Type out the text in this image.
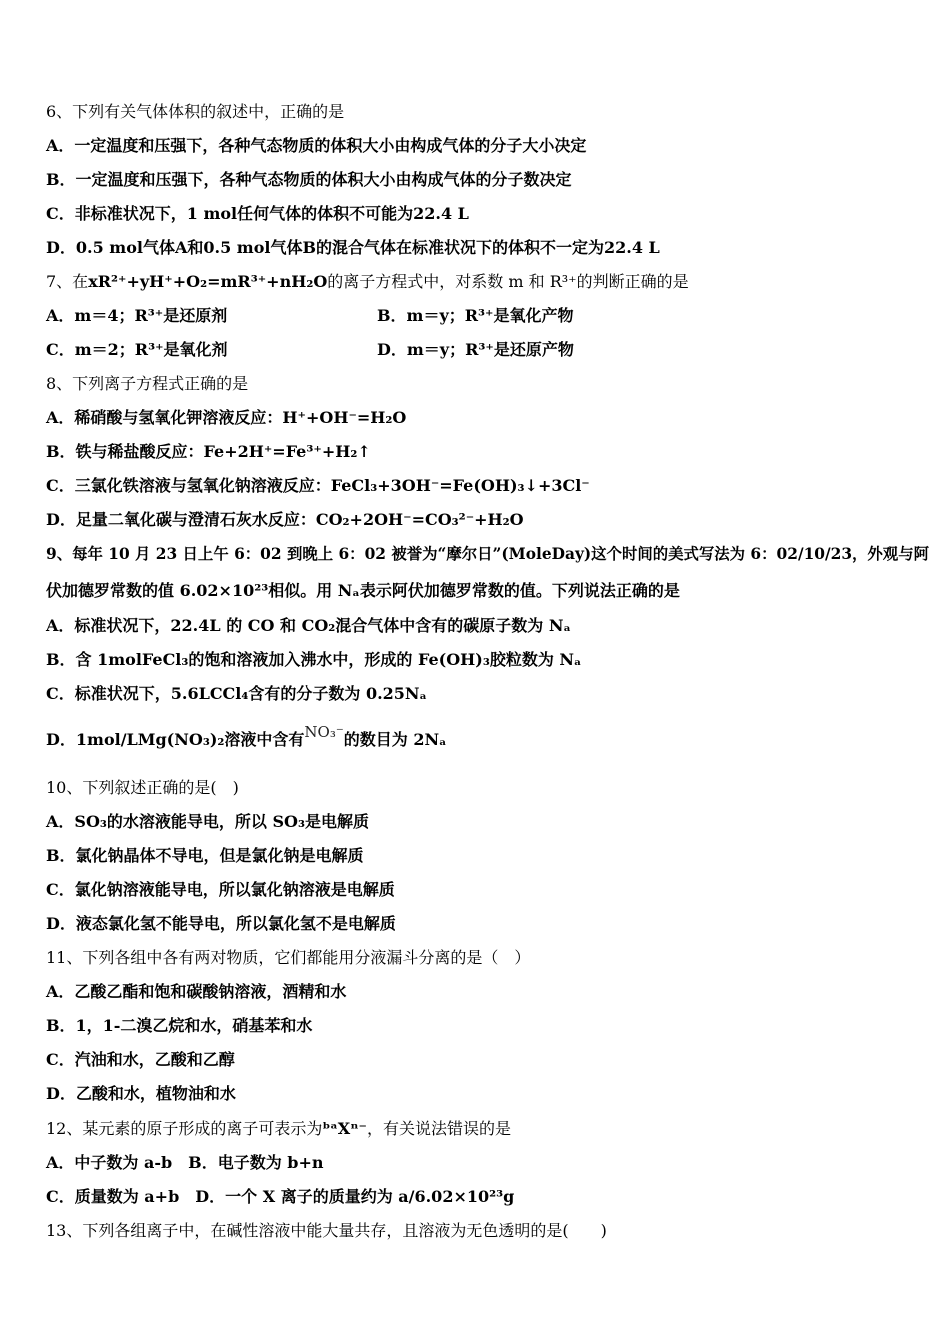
6、下列有关气体体积的叙述中，正确的是
A．一定温度和压强下，各种气态物质的体积大小由构成气体的分子大小决定
B．一定温度和压强下，各种气态物质的体积大小由构成气体的分子数决定
C．非标准状况下，1 mol任何气体的体积不可能为22.4 L
D．0.5 mol气体A和0.5 mol气体B的混合气体在标准状况下的体积不一定为22.4 L
7、在xR²⁺+yH⁺+O₂=mR³⁺+nH₂O的离子方程式中，对系数 m 和 R³⁺的判断正确的是
A．m＝4；R³⁺是还原剂	B．m＝y；R³⁺是氧化产物
C．m＝2；R³⁺是氧化剂	D．m＝y；R³⁺是还原产物
8、下列离子方程式正确的是
A．稀硝酸与氢氧化钾溶液反应：H⁺+OH⁻=H₂O
B．铁与稀盐酸反应：Fe+2H⁺=Fe³⁺+H₂↑
C．三氯化铁溶液与氢氧化钠溶液反应：FeCl₃+3OH⁻=Fe(OH)₃↓+3Cl⁻
D．足量二氧化碳与澄清石灰水反应：CO₂+2OH⁻=CO₃²⁻+H₂O
9、每年 10 月 23 日上午 6：02 到晚上 6：02 被誉为“摩尔日”(MoleDay)这个时间的美式写法为 6：02/10/23，外观与阿
伏加德罗常数的值 6.02×10²³相似。用 Nₐ表示阿伏加德罗常数的值。下列说法正确的是
A．标准状况下，22.4L 的 CO 和 CO₂混合气体中含有的碳原子数为 Nₐ
B．含 1molFeCl₃的饱和溶液加入沸水中，形成的 Fe(OH)₃胶粒数为 Nₐ
C．标准状况下，5.6LCCl₄含有的分子数为 0.25Nₐ
D．1mol/LMg(NO₃)₂溶液中含有NO₃⁻的数目为 2Nₐ
10、下列叙述正确的是(　)
A．SO₃的水溶液能导电，所以 SO₃是电解质
B．氯化钠晶体不导电，但是氯化钠是电解质
C．氯化钠溶液能导电，所以氯化钠溶液是电解质
D．液态氯化氢不能导电，所以氯化氢不是电解质
11、下列各组中各有两对物质，它们都能用分液漏斗分离的是（　）
A．乙酸乙酯和饱和碳酸钠溶液，酒精和水
B．1，1-二溴乙烷和水，硝基苯和水
C．汽油和水，乙酸和乙醇
D．乙酸和水，植物油和水
12、某元素的原子形成的离子可表示为ᵇᵃXⁿ⁻，有关说法错误的是
A．中子数为 a-b　B．电子数为 b+n
C．质量数为 a+b　D．一个 X 离子的质量约为 a/6.02×10²³g
13、下列各组离子中，在碱性溶液中能大量共存，且溶液为无色透明的是(　　)
